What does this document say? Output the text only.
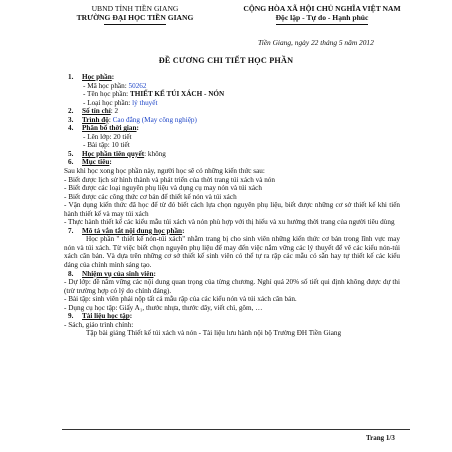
UBND TỈNH TIỀN GIANG
TRƯỜNG ĐẠI HỌC TIỀN GIANG
CỘNG HÒA XÃ HỘI CHỦ NGHĨA VIỆT NAM
Độc lập - Tự do - Hạnh phúc
Tiền Giang, ngày 22 tháng 5 năm 2012
ĐỀ CƯƠNG CHI TIẾT HỌC PHẦN
1. Học phần:
- Mã học phần: 50262
- Tên học phần: THIẾT KẾ TÚI XÁCH - NÓN
- Loại học phần: lý thuyết
2. Số tín chỉ: 2
3. Trình độ: Cao đẳng (May công nghiệp)
4. Phân bổ thời gian:
- Lên lớp: 20 tiết
- Bài tập: 10 tiết
5. Học phần tiên quyết: không
6. Mục tiêu:
Sau khi học xong học phần này, người học sẽ có những kiến thức sau:
- Biết được lịch sử hình thành và phát triển của thời trang túi xách và nón
- Biết được các loại nguyên phụ liệu và dụng cụ may nón và túi xách
- Biết được các công thức cơ bản để thiết kế nón và túi xách
- Vận dụng kiến thức đã học để từ đó biết cách lựa chọn nguyên phụ liệu, biết được những cơ sở thiết kế khi tiến hành thiết kế và may túi xách
- Thực hành thiết kế các kiểu mẫu túi xách và nón phù hợp với thị hiếu và xu hướng thời trang của người tiêu dùng
7. Mô tả vắn tắt nội dung học phần:
Học phần " thiết kế nón-túi xách" nhằm trang bị cho sinh viên những kiến thức cơ bản trong lĩnh vực may nón và túi xách. Từ việc biết chọn nguyên phụ liệu để may đến việc nắm vững các lý thuyết để vẽ các kiểu nón-túi xách căn bản. Và dựa trên những cơ sở thiết kế sinh viên có thể tự ra rập các mẫu có sẵn hay tự thiết kế các kiểu dáng của chính mình sáng tạo.
8. Nhiệm vụ của sinh viên:
- Dự lớp: đề nắm vững các nội dung quan trọng của từng chương. Nghỉ quá 20% số tiết qui định không được dự thi (trừ trường hợp có lý do chính đáng).
- Bài tập: sinh viên phải nộp tất cả mẫu rập của các kiểu nón và túi xách căn bản.
- Dụng cụ học tập: Giấy A₁, thước nhựa, thước dây, viết chì, gôm, …
9. Tài liệu học tập:
- Sách, giáo trình chính:
Tập bài giảng Thiết kế túi xách và nón - Tài liệu lưu hành nội bộ Trường ĐH Tiền Giang
Trang 1/3
